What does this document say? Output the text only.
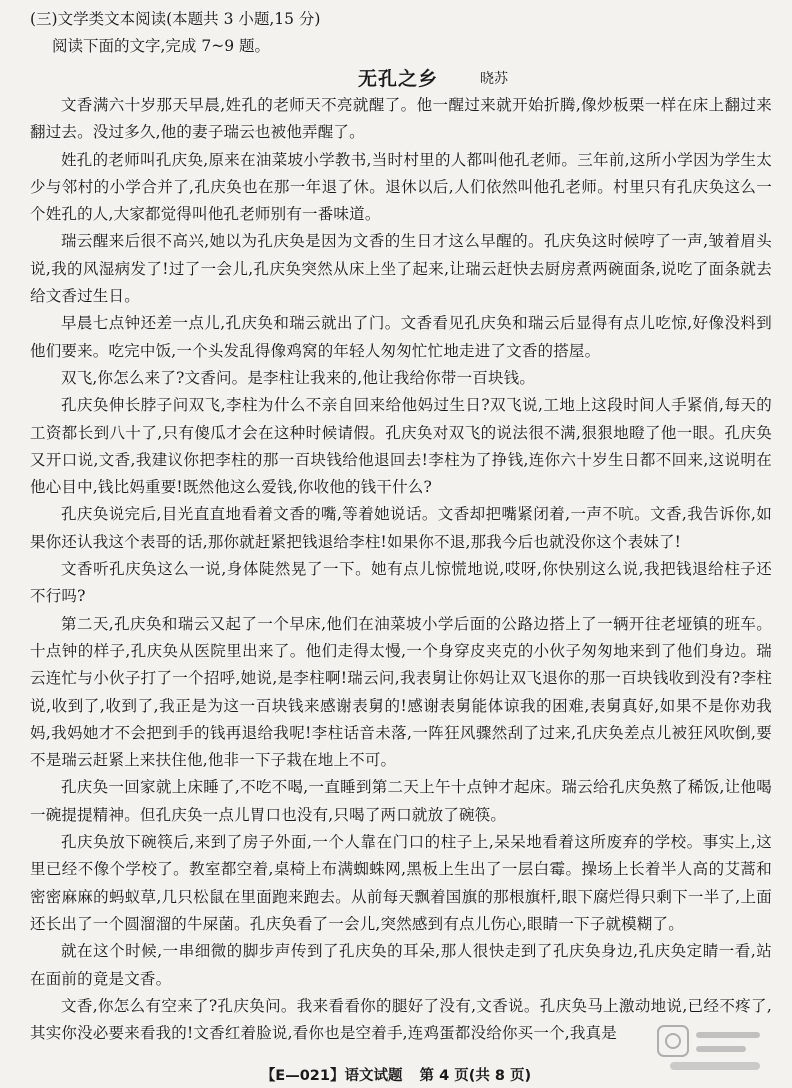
(三)文学类文本阅读(本题共 3 小题,15 分)

阅读下面的文字,完成 7~9 题。

无孔之乡	晓苏

文香满六十岁那天早晨,姓孔的老师天不亮就醒了。他一醒过来就开始折腾,像炒板栗一样在床上翻过来翻过去。没过多久,他的妻子瑞云也被他弄醒了。

姓孔的老师叫孔庆奂,原来在油菜坡小学教书,当时村里的人都叫他孔老师。三年前,这所小学因为学生太少与邻村的小学合并了,孔庆奂也在那一年退了休。退休以后,人们依然叫他孔老师。村里只有孔庆奂这么一个姓孔的人,大家都觉得叫他孔老师别有一番味道。

瑞云醒来后很不高兴,她以为孔庆奂是因为文香的生日才这么早醒的。孔庆奂这时候哼了一声,皱着眉头说,我的风湿病发了!过了一会儿,孔庆奂突然从床上坐了起来,让瑞云赶快去厨房煮两碗面条,说吃了面条就去给文香过生日。

早晨七点钟还差一点儿,孔庆奂和瑞云就出了门。文香看见孔庆奂和瑞云后显得有点儿吃惊,好像没料到他们要来。吃完中饭,一个头发乱得像鸡窝的年轻人匆匆忙忙地走进了文香的搭屋。

双飞,你怎么来了?文香问。是李柱让我来的,他让我给你带一百块钱。

孔庆奂伸长脖子问双飞,李柱为什么不亲自回来给他妈过生日?双飞说,工地上这段时间人手紧俏,每天的工资都长到八十了,只有傻瓜才会在这种时候请假。孔庆奂对双飞的说法很不满,狠狠地瞪了他一眼。孔庆奂又开口说,文香,我建议你把李柱的那一百块钱给他退回去!李柱为了挣钱,连你六十岁生日都不回来,这说明在他心目中,钱比妈重要!既然他这么爱钱,你收他的钱干什么?

孔庆奂说完后,目光直直地看着文香的嘴,等着她说话。文香却把嘴紧闭着,一声不吭。文香,我告诉你,如果你还认我这个表哥的话,那你就赶紧把钱退给李柱!如果你不退,那我今后也就没你这个表妹了!

文香听孔庆奂这么一说,身体陡然晃了一下。她有点儿惊慌地说,哎呀,你快别这么说,我把钱退给柱子还不行吗?

第二天,孔庆奂和瑞云又起了一个早床,他们在油菜坡小学后面的公路边搭上了一辆开往老垭镇的班车。十点钟的样子,孔庆奂从医院里出来了。他们走得太慢,一个身穿皮夹克的小伙子匆匆地来到了他们身边。瑞云连忙与小伙子打了一个招呼,她说,是李柱啊!瑞云问,我表舅让你妈让双飞退你的那一百块钱收到没有?李柱说,收到了,收到了,我正是为这一百块钱来感谢表舅的!感谢表舅能体谅我的困难,表舅真好,如果不是你劝我妈,我妈她才不会把到手的钱再退给我呢!李柱话音未落,一阵狂风骤然刮了过来,孔庆奂差点儿被狂风吹倒,要不是瑞云赶紧上来扶住他,他非一下子栽在地上不可。

孔庆奂一回家就上床睡了,不吃不喝,一直睡到第二天上午十点钟才起床。瑞云给孔庆奂熬了稀饭,让他喝一碗提提精神。但孔庆奂一点儿胃口也没有,只喝了两口就放了碗筷。

孔庆奂放下碗筷后,来到了房子外面,一个人靠在门口的柱子上,呆呆地看着这所废弃的学校。事实上,这里已经不像个学校了。教室都空着,桌椅上布满蜘蛛网,黑板上生出了一层白霉。操场上长着半人高的艾蒿和密密麻麻的蚂蚁草,几只松鼠在里面跑来跑去。从前每天飘着国旗的那根旗杆,眼下腐烂得只剩下一半了,上面还长出了一个圆溜溜的牛屎菌。孔庆奂看了一会儿,突然感到有点儿伤心,眼睛一下子就模糊了。

就在这个时候,一串细微的脚步声传到了孔庆奂的耳朵,那人很快走到了孔庆奂身边,孔庆奂定睛一看,站在面前的竟是文香。

文香,你怎么有空来了?孔庆奂问。我来看看你的腿好了没有,文香说。孔庆奂马上激动地说,已经不疼了,其实你没必要来看我的!文香红着脸说,看你也是空着手,连鸡蛋都没给你买一个,我真是

【E—021】语文试题 第 4 页(共 8 页)
